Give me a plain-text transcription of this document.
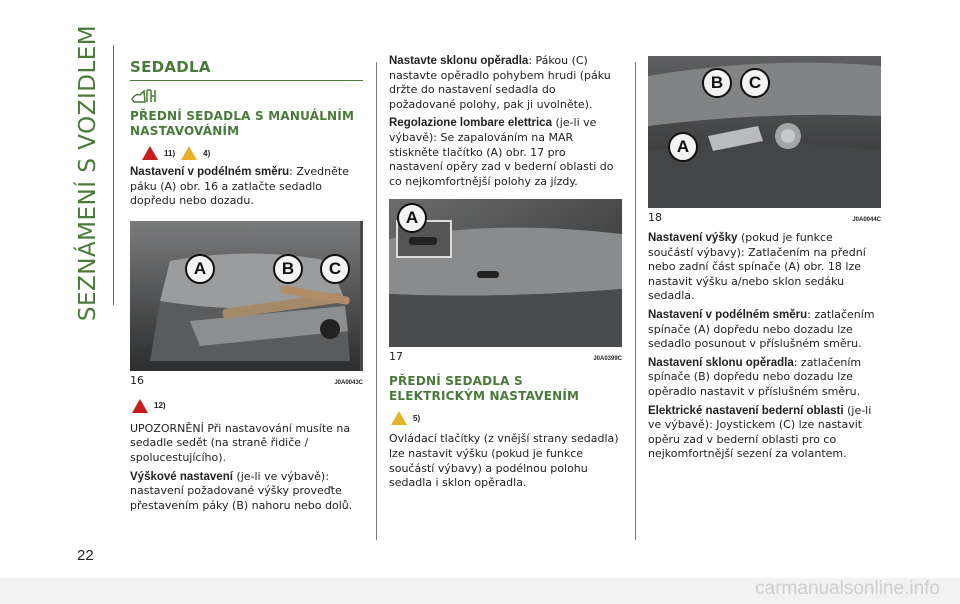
SEZNÁMENÍ S VOZIDLEM
22
SEDADLA
PŘEDNÍ SEDADLA S MANUÁLNÍM NASTAVOVÁNÍM
11)	4)
Nastavení v podélném směru: Zvedněte páku (A) obr. 16 a zatlačte sedadlo dopředu nebo dozadu.
A	B	C
16	J0A0043C
12)
UPOZORNĚNÍ Při nastavování musíte na sedadle sedět (na straně řidiče / spolucestujícího).
Výškové nastavení (je-li ve výbavě): nastavení požadované výšky proveďte přestavením páky (B) nahoru nebo dolů.
Nastavte sklonu opěradla: Pákou (C) nastavte opěradlo pohybem hrudi (páku držte do nastavení sedadla do požadované polohy, pak ji uvolněte).
Regolazione lombare elettrica (je-li ve výbavě): Se zapalováním na MAR stiskněte tlačítko (A) obr. 17 pro nastavení opěry zad v bederní oblasti do co nejkomfortnější polohy za jízdy.
A
17	J0A0399C
PŘEDNÍ SEDADLA S ELEKTRICKÝM NASTAVENÍM
5)
Ovládací tlačítky (z vnější strany sedadla) lze nastavit výšku (pokud je funkce součástí výbavy) a podélnou polohu sedadla i sklon opěradla.
B	C
A
18	J0A0044C
Nastavení výšky (pokud je funkce součástí výbavy): Zatlačením na přední nebo zadní část spínače (A) obr. 18 lze nastavit výšku a/nebo sklon sedáku sedadla.
Nastavení v podélném směru: zatlačením spínače (A) dopředu nebo dozadu lze sedadlo posunout v příslušném směru.
Nastavení sklonu opěradla: zatlačením spínače (B) dopředu nebo dozadu lze opěradlo nastavit v příslušném směru.
Elektrické nastavení bederní oblasti (je-li ve výbavě): Joystickem (C) lze nastavit opěru zad v bederní oblasti pro co nejkomfortnější sezení za volantem.
carmanualsonline.info
